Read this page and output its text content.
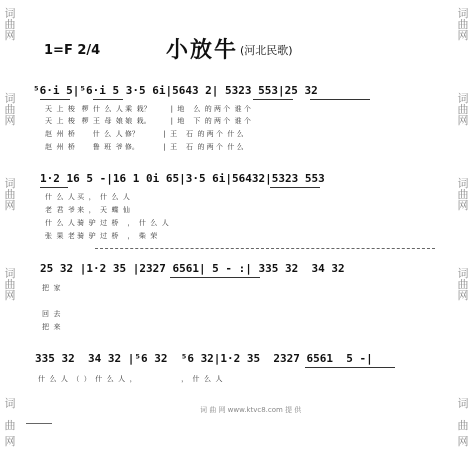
词
曲
网
词
曲
网
词
曲
网
词
曲
网
词
曲
网
词
曲
网
词
曲
网
词
曲
网
词
曲
网
词
曲
网
1=F 2/4	小放牛 (河北民歌)
⁵6·i 5|⁵6·i 5 3·5 6i|5643 2| 5323 553|25 32
天  上  梭   椤  什  么  人 乘  栽？         |  地    么  的 两 个  谁 个
天  上  梭   椤  王  母  娘 娘  栽。         |  地    下  的 两 个  谁 个
赵  州  桥        什  么  人 修？           |  王    石  的 两 个  什 么
赵  州  桥        鲁  班  爷 修。           |  王    石  的 两 个  什 么
1·2 16 5 -|16 1 0i 65|3·5 6i|56432|5323 553
什  么  人 买  ，  什  么  人
老  君  爷 来  ，  天  蝶  仙
什  么  人 骑  驴  过  桥    ，  什  么  人
张  果  老 骑  驴  过  桥    ，  柴  荣
25 32 |1·2 35 |2327 6561| 5 - :| 335 32  34 32
把  家
回  去
把  来
335 32  34 32 |⁵6 32  ⁵6 32|1·2 35  2327 6561  5 -|
什  么  人  （  ）  什  么  人  ，                    ，  什  么  人
词 曲 网 www.ktvc8.com 提 供
